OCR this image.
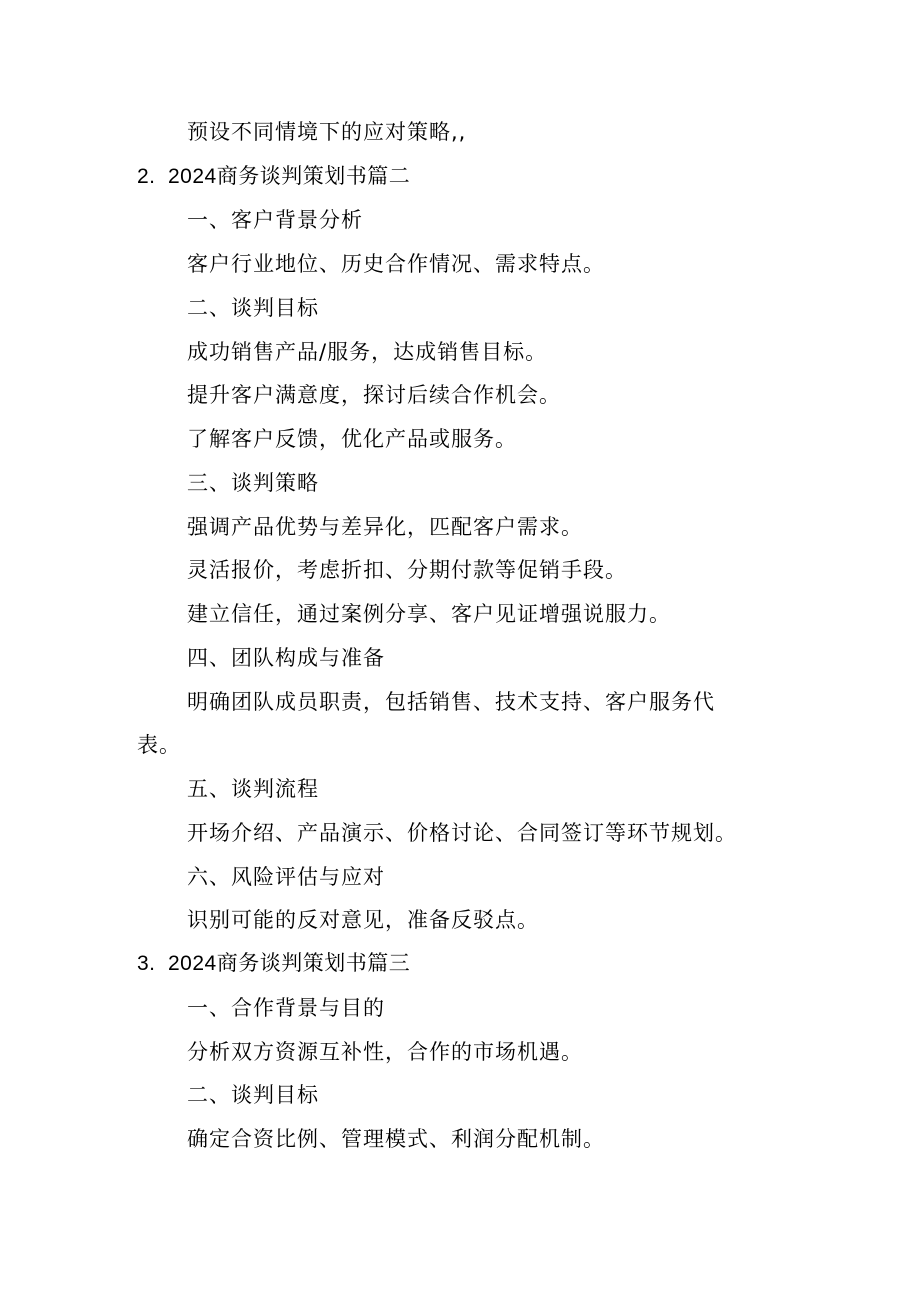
预设不同情境下的应对策略,,
2. 2024商务谈判策划书篇二
一、客户背景分析
客户行业地位、历史合作情况、需求特点。
二、谈判目标
成功销售产品/服务，达成销售目标。
提升客户满意度，探讨后续合作机会。
了解客户反馈，优化产品或服务。
三、谈判策略
强调产品优势与差异化，匹配客户需求。
灵活报价，考虑折扣、分期付款等促销手段。
建立信任，通过案例分享、客户见证增强说服力。
四、团队构成与准备
明确团队成员职责，包括销售、技术支持、客户服务代
表。
五、谈判流程
开场介绍、产品演示、价格讨论、合同签订等环节规划。
六、风险评估与应对
识别可能的反对意见，准备反驳点。
3. 2024商务谈判策划书篇三
一、合作背景与目的
分析双方资源互补性，合作的市场机遇。
二、谈判目标
确定合资比例、管理模式、利润分配机制。
